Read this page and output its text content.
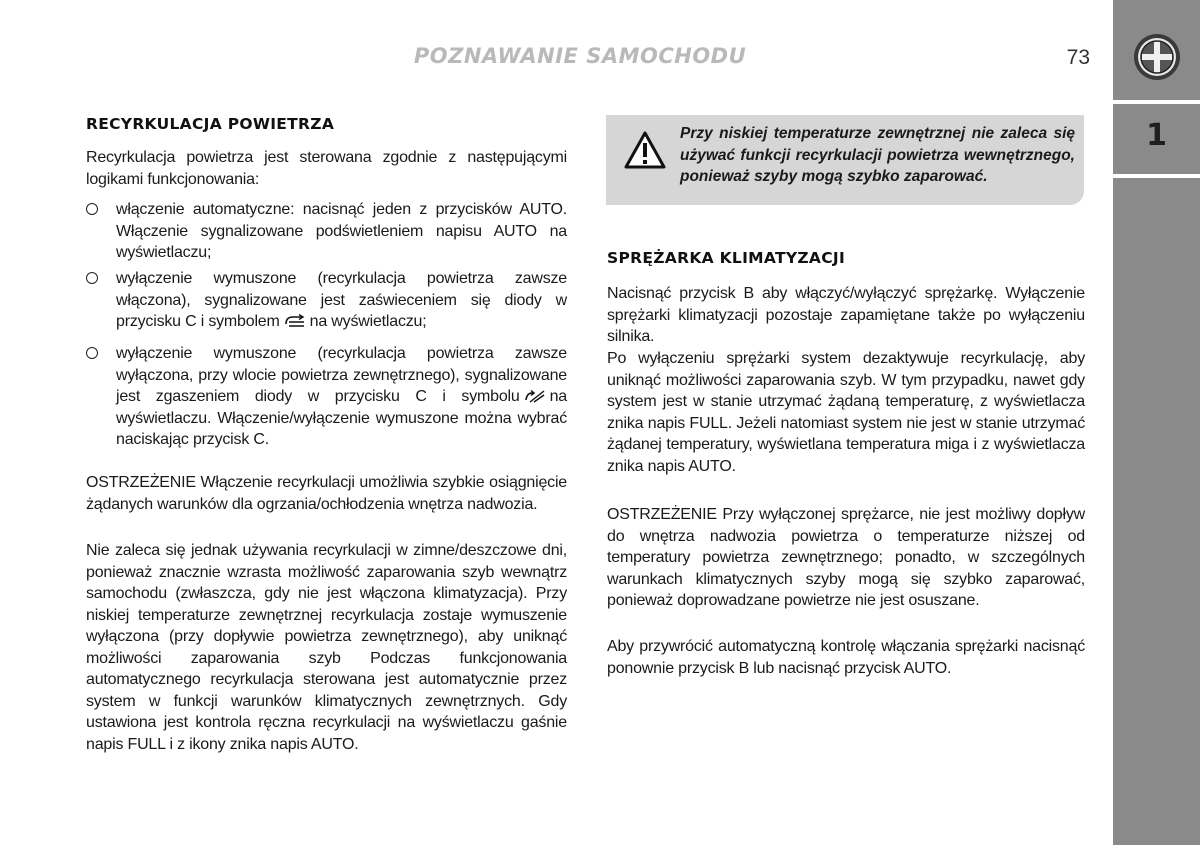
1
POZNAWANIE SAMOCHODU	73
RECYRKULACJA POWIETRZA
Recyrkulacja powietrza jest sterowana zgodnie z następującymi logikami funkcjonowania:
włączenie automatyczne: nacisnąć jeden z przycisków AUTO. Włączenie sygnalizowane podświetleniem napisu AUTO na wyświetlaczu;
wyłączenie wymuszone (recyrkulacja powietrza zawsze włączona), sygnalizowane jest zaświeceniem się diody w przycisku C i symbolem na wyświetlaczu;
wyłączenie wymuszone (recyrkulacja powietrza zawsze wyłączona, przy wlocie powietrza zewnętrznego), sygnalizowane jest zgaszeniem diody w przycisku C i symbolu na wyświetlaczu. Włączenie/wyłączenie wymuszone można wybrać naciskając przycisk C.
OSTRZEŻENIE Włączenie recyrkulacji umożliwia szybkie osiągnięcie żądanych warunków dla ogrzania/ochłodzenia wnętrza nadwozia.
Nie zaleca się jednak używania recyrkulacji w zimne/deszczowe dni, ponieważ znacznie wzrasta możliwość zaparowania szyb wewnątrz samochodu (zwłaszcza, gdy nie jest włączona klimatyzacja). Przy niskiej temperaturze zewnętrznej recyrkulacja zostaje wymuszenie wyłączona (przy dopływie powietrza zewnętrznego), aby uniknąć możliwości zaparowania szyb Podczas funkcjonowania automatycznego recyrkulacja sterowana jest automatycznie przez system w funkcji warunków klimatycznych zewnętrznych. Gdy ustawiona jest kontrola ręczna recyrkulacji na wyświetlaczu gaśnie napis FULL i z ikony znika napis AUTO.
Przy niskiej temperaturze zewnętrznej nie zaleca się używać funkcji recyrkulacji powietrza wewnętrznego, ponieważ szyby mogą szybko zaparować.
SPRĘŻARKA KLIMATYZACJI
Nacisnąć przycisk B aby włączyć/wyłączyć sprężarkę. Wyłączenie sprężarki klimatyzacji pozostaje zapamiętane także po wyłączeniu silnika.
Po wyłączeniu sprężarki system dezaktywuje recyrkulację, aby uniknąć możliwości zaparowania szyb. W tym przypadku, nawet gdy system jest w stanie utrzymać żądaną temperaturę, z wyświetlacza znika napis FULL. Jeżeli natomiast system nie jest w stanie utrzymać żądanej temperatury, wyświetlana temperatura miga i z wyświetlacza znika napis AUTO.
OSTRZEŻENIE Przy wyłączonej sprężarce, nie jest możliwy dopływ do wnętrza nadwozia powietrza o temperaturze niższej od temperatury powietrza zewnętrznego; ponadto, w szczególnych warunkach klimatycznych szyby mogą się szybko zaparować, ponieważ doprowadzane powietrze nie jest osuszane.
Aby przywrócić automatyczną kontrolę włączania sprężarki nacisnąć ponownie przycisk B lub nacisnąć przycisk AUTO.
